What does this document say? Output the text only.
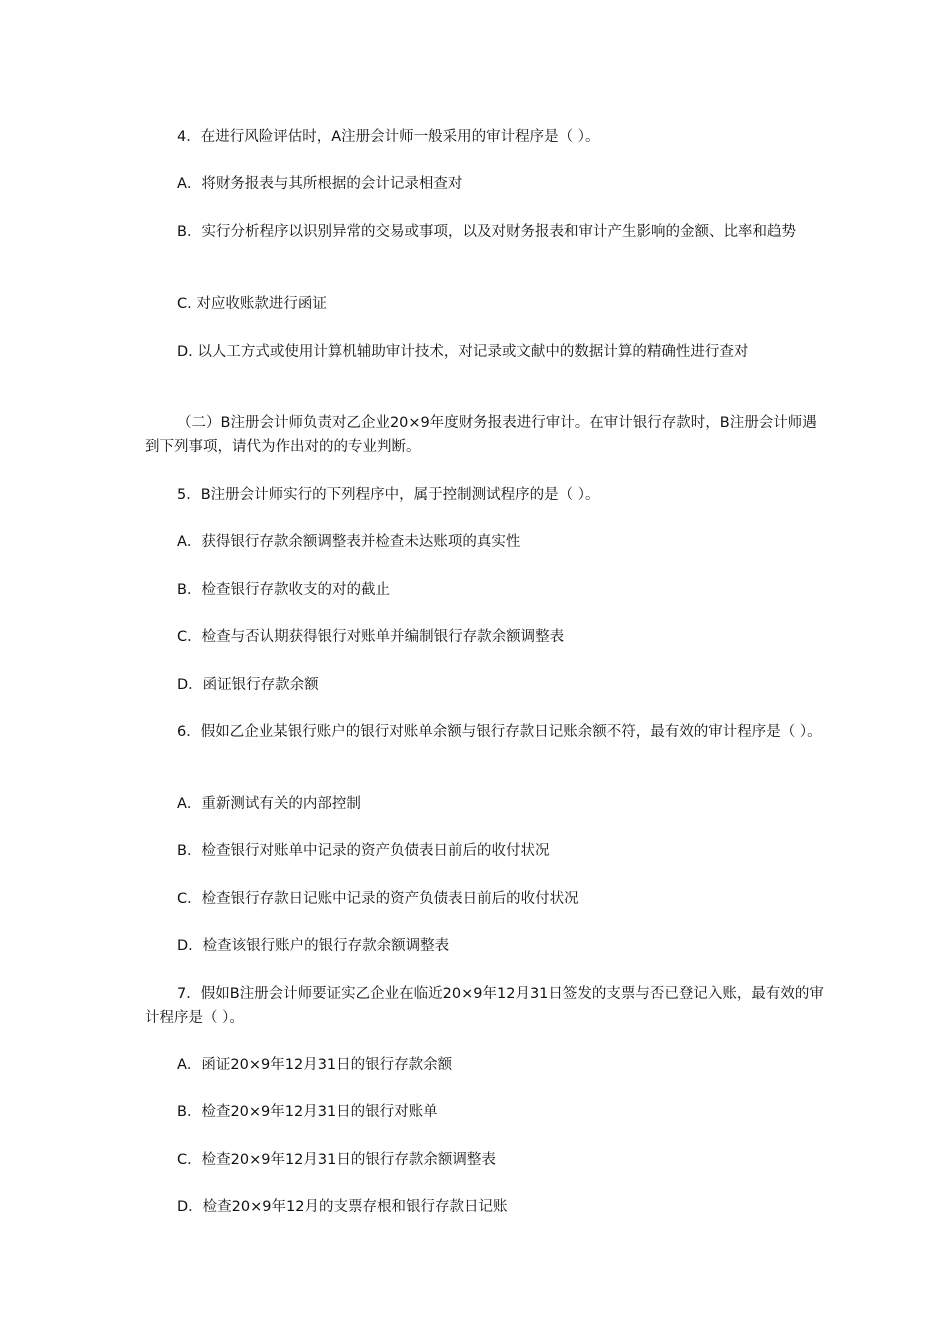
4．在进行风险评估时，A注册会计师一般采用的审计程序是（ ）。

A．将财务报表与其所根据的会计记录相查对

B．实行分析程序以识别异常的交易或事项，以及对财务报表和审计产生影响的金额、比率和趋势

C. 对应收账款进行函证

D. 以人工方式或使用计算机辅助审计技术，对记录或文献中的数据计算的精确性进行查对

（二）B注册会计师负责对乙企业20×9年度财务报表进行审计。在审计银行存款时，B注册会计师遇到下列事项，请代为作出对的的专业判断。

5．B注册会计师实行的下列程序中，属于控制测试程序的是（ ）。

A．获得银行存款余额调整表并检查未达账项的真实性

B．检查银行存款收支的对的截止

C．检查与否认期获得银行对账单并编制银行存款余额调整表

D．函证银行存款余额

6．假如乙企业某银行账户的银行对账单余额与银行存款日记账余额不符，最有效的审计程序是（ ）。

A．重新测试有关的内部控制

B．检查银行对账单中记录的资产负债表日前后的收付状况

C．检查银行存款日记账中记录的资产负债表日前后的收付状况

D．检查该银行账户的银行存款余额调整表

7．假如B注册会计师要证实乙企业在临近20×9年12月31日签发的支票与否已登记入账，最有效的审计程序是（ ）。

A．函证20×9年12月31日的银行存款余额

B．检查20×9年12月31日的银行对账单

C．检查20×9年12月31日的银行存款余额调整表

D．检查20×9年12月的支票存根和银行存款日记账
